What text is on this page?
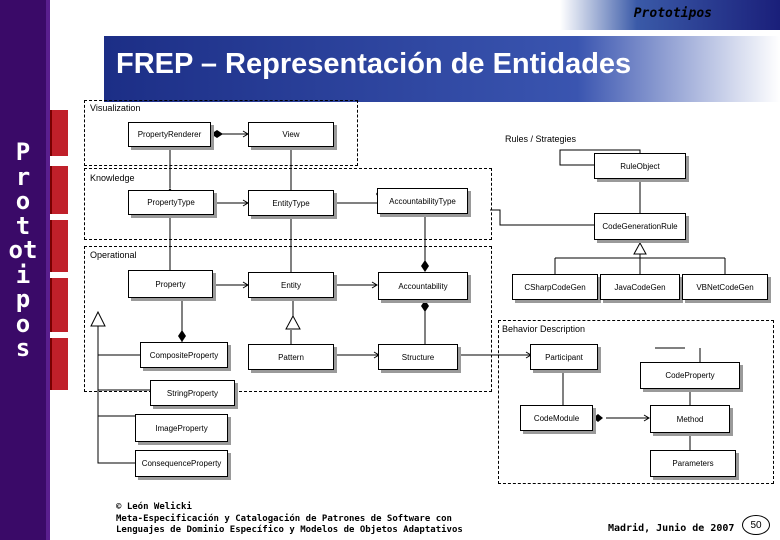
Prototipos
FREP – Representación de Entidades
P
r
o
t
ot
i
p
o
s
Visualization
Knowledge
Operational
Rules / Strategies
Behavior Description
PropertyRenderer	View
RuleObject
PropertyType	EntityType	AccountabilityType
CodeGenerationRule
Property	Entity	Accountability	CSharpCodeGen	JavaCodeGen	VBNetCodeGen
CompositeProperty	Pattern	Structure	Participant
CodeProperty
StringProperty
CodeModule	Method
ImageProperty
ConsequenceProperty	Parameters
© León Welicki
Meta-Especificación y Catalogación de Patrones de Software con
Lenguajes de Dominio Específico y Modelos de Objetos Adaptativos	Madrid, Junio de 2007	50
